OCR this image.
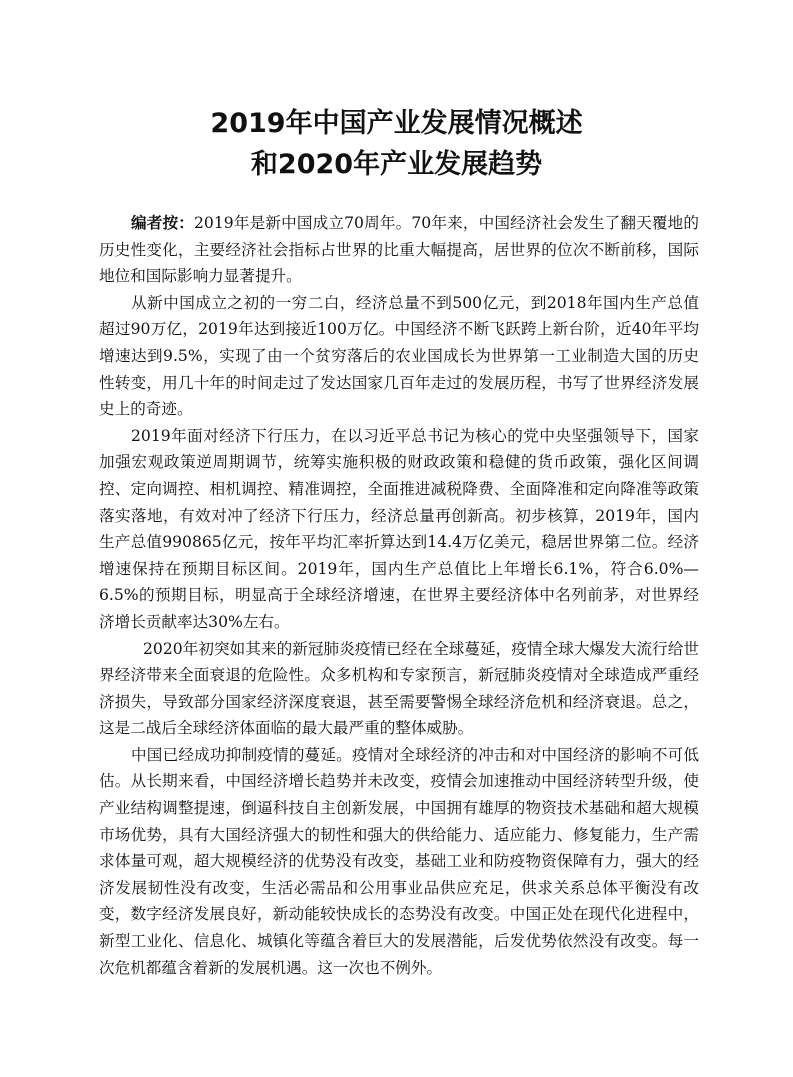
2019年中国产业发展情况概述
和2020年产业发展趋势

编者按：2019年是新中国成立70周年。70年来，中国经济社会发生了翻天覆地的历史性变化，主要经济社会指标占世界的比重大幅提高，居世界的位次不断前移，国际地位和国际影响力显著提升。

从新中国成立之初的一穷二白，经济总量不到500亿元，到2018年国内生产总值超过90万亿，2019年达到接近100万亿。中国经济不断飞跃跨上新台阶，近40年平均增速达到9.5%，实现了由一个贫穷落后的农业国成长为世界第一工业制造大国的历史性转变，用几十年的时间走过了发达国家几百年走过的发展历程，书写了世界经济发展史上的奇迹。

2019年面对经济下行压力，在以习近平总书记为核心的党中央坚强领导下，国家加强宏观政策逆周期调节，统筹实施积极的财政政策和稳健的货币政策，强化区间调控、定向调控、相机调控、精准调控，全面推进减税降费、全面降准和定向降准等政策落实落地，有效对冲了经济下行压力，经济总量再创新高。初步核算，2019年，国内生产总值990865亿元，按年平均汇率折算达到14.4万亿美元，稳居世界第二位。经济增速保持在预期目标区间。2019年，国内生产总值比上年增长6.1%，符合6.0%—6.5%的预期目标，明显高于全球经济增速，在世界主要经济体中名列前茅，对世界经济增长贡献率达30%左右。

2020年初突如其来的新冠肺炎疫情已经在全球蔓延，疫情全球大爆发大流行给世界经济带来全面衰退的危险性。众多机构和专家预言，新冠肺炎疫情对全球造成严重经济损失，导致部分国家经济深度衰退，甚至需要警惕全球经济危机和经济衰退。总之，这是二战后全球经济体面临的最大最严重的整体威胁。

中国已经成功抑制疫情的蔓延。疫情对全球经济的冲击和对中国经济的影响不可低估。从长期来看，中国经济增长趋势并未改变，疫情会加速推动中国经济转型升级，使产业结构调整提速，倒逼科技自主创新发展，中国拥有雄厚的物资技术基础和超大规模市场优势，具有大国经济强大的韧性和强大的供给能力、适应能力、修复能力，生产需求体量可观，超大规模经济的优势没有改变，基础工业和防疫物资保障有力，强大的经济发展韧性没有改变，生活必需品和公用事业品供应充足，供求关系总体平衡没有改变，数字经济发展良好，新动能较快成长的态势没有改变。中国正处在现代化进程中，新型工业化、信息化、城镇化等蕴含着巨大的发展潜能，后发优势依然没有改变。每一次危机都蕴含着新的发展机遇。这一次也不例外。
